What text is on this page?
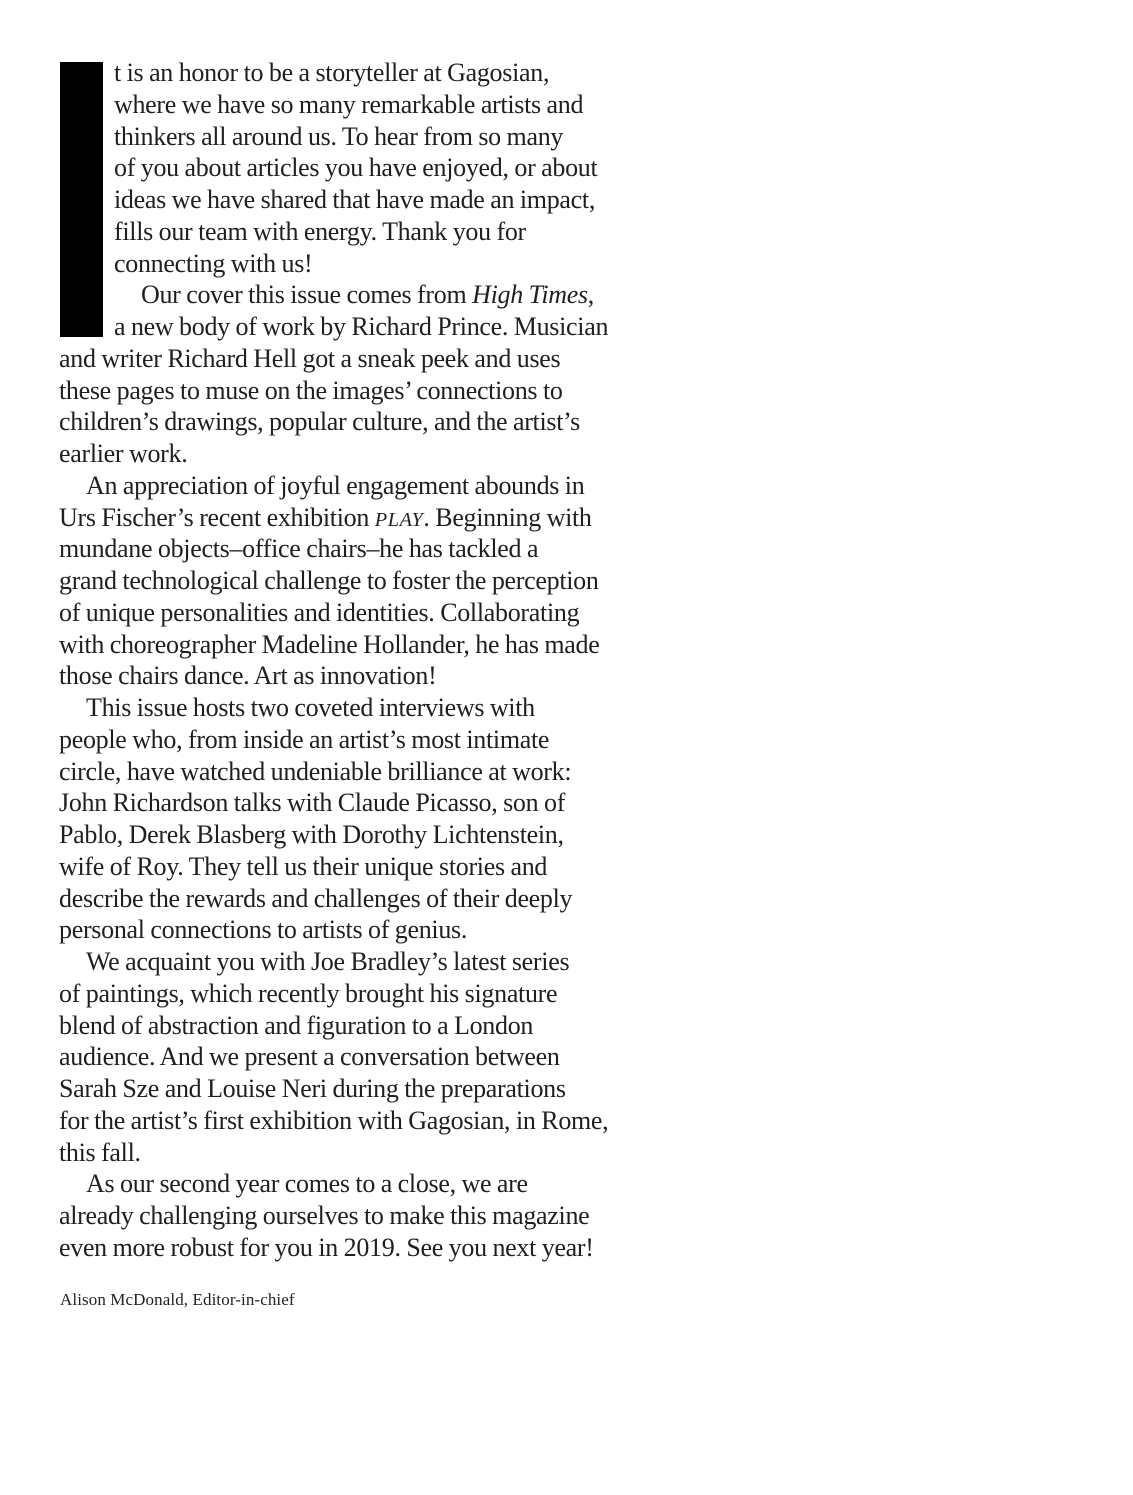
t is an honor to be a storyteller at Gagosian,
where we have so many remarkable artists and
thinkers all around us. To hear from so many
of you about articles you have enjoyed, or about
ideas we have shared that have made an impact,
fills our team with energy. Thank you for
connecting with us!
Our cover this issue comes from High Times,
a new body of work by Richard Prince. Musician
and writer Richard Hell got a sneak peek and uses
these pages to muse on the images’ connections to
children’s drawings, popular culture, and the artist’s
earlier work.
An appreciation of joyful engagement abounds in
Urs Fischer’s recent exhibition PLAY. Beginning with
mundane objects–office chairs–he has tackled a
grand technological challenge to foster the perception
of unique personalities and identities. Collaborating
with choreographer Madeline Hollander, he has made
those chairs dance. Art as innovation!
This issue hosts two coveted interviews with
people who, from inside an artist’s most intimate
circle, have watched undeniable brilliance at work:
John Richardson talks with Claude Picasso, son of
Pablo, Derek Blasberg with Dorothy Lichtenstein,
wife of Roy. They tell us their unique stories and
describe the rewards and challenges of their deeply
personal connections to artists of genius.
We acquaint you with Joe Bradley’s latest series
of paintings, which recently brought his signature
blend of abstraction and figuration to a London
audience. And we present a conversation between
Sarah Sze and Louise Neri during the preparations
for the artist’s first exhibition with Gagosian, in Rome,
this fall.
As our second year comes to a close, we are
already challenging ourselves to make this magazine
even more robust for you in 2019. See you next year!
Alison McDonald, Editor-in-chief
